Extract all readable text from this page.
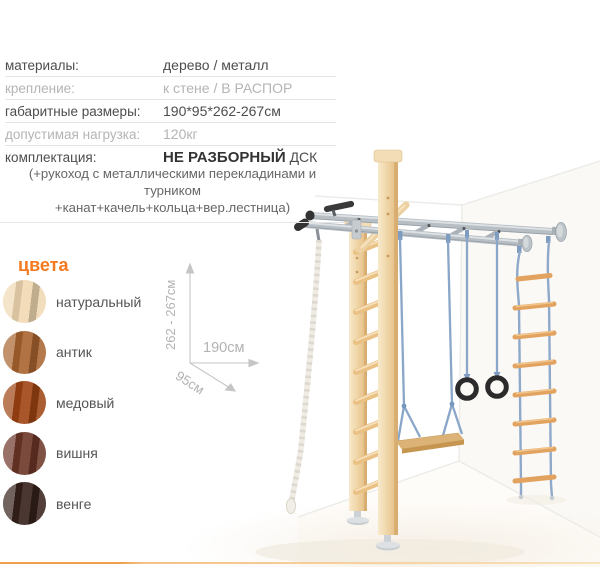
материалы:	дерево / металл
крепление:	к стене / В РАСПОР
габаритные размеры:	190*95*262-267см
допустимая нагрузка:	120кг
комплектация:	НЕ РАЗБОРНЫЙ ДСК
(+рукоход с металлическими перекладинами и турником
+канат+качель+кольца+вер.лестница)
цвета
натуральный
антик
медовый
вишня
венге
262 - 267см 190см
95см
